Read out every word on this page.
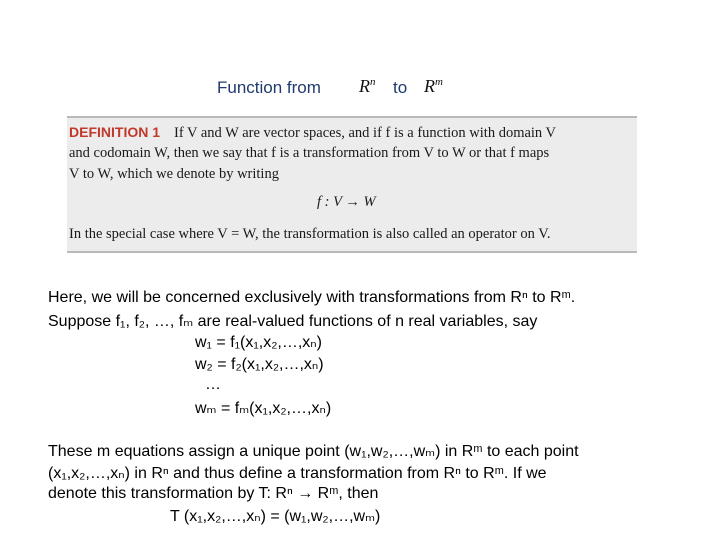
Function from $R^n$ to $R^m$
DEFINITION 1 If V and W are vector spaces, and if f is a function with domain V
and codomain W, then we say that f is a transformation from V to W or that f maps
V to W, which we denote by writing
f : V → W
In the special case where V = W, the transformation is also called an operator on V.
Here, we will be concerned exclusively with transformations from Rⁿ to Rᵐ.
Suppose f₁, f₂, …, fₘ are real-valued functions of n real variables, say
w₁ = f₁(x₁,x₂,…,xₙ)
w₂ = f₂(x₁,x₂,…,xₙ)
…
wₘ = fₘ(x₁,x₂,…,xₙ)
These m equations assign a unique point (w₁,w₂,…,wₘ) in Rᵐ to each point
(x₁,x₂,…,xₙ) in Rⁿ and thus define a transformation from Rⁿ to Rᵐ. If we
denote this transformation by T: Rⁿ → Rᵐ, then
T (x₁,x₂,…,xₙ) = (w₁,w₂,…,wₘ)
